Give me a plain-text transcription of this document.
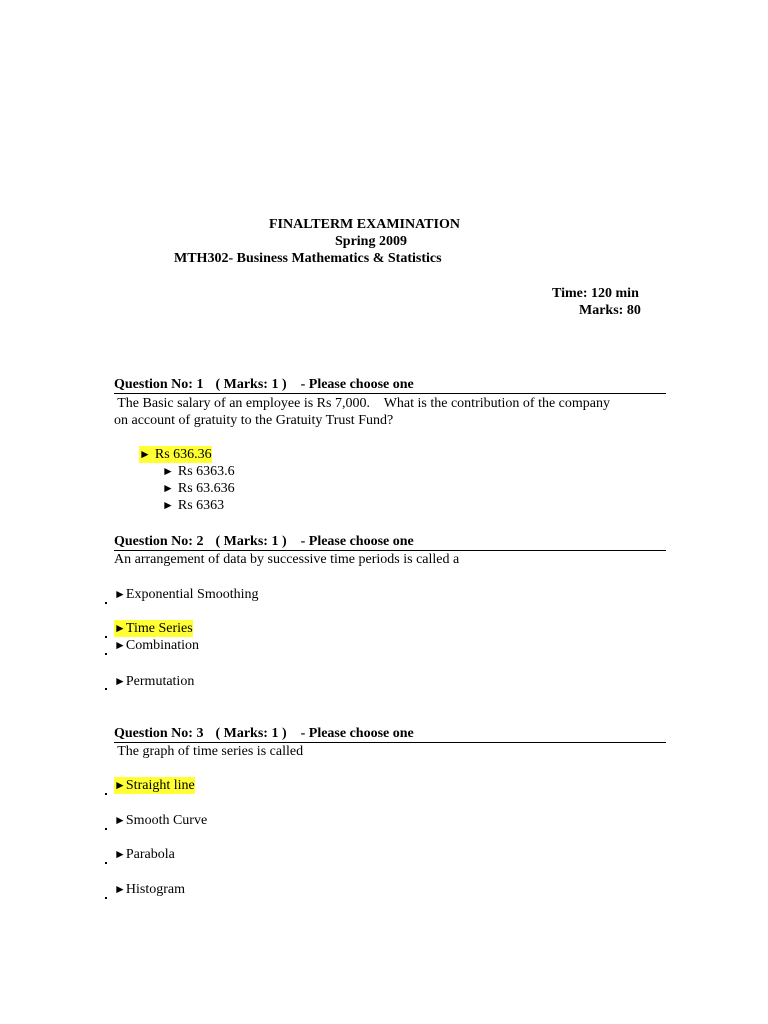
FINALTERM EXAMINATION
Spring 2009
MTH302- Business Mathematics & Statistics
Time: 120 min
Marks: 80
Question No: 1 ( Marks: 1 ) - Please choose one
The Basic salary of an employee is Rs 7,000.    What is the contribution of the company
on account of gratuity to the Gratuity Trust Fund?
► Rs 636.36
► Rs 6363.6
► Rs 63.636
► Rs 6363
Question No: 2 ( Marks: 1 ) - Please choose one
An arrangement of data by successive time periods is called a
►Exponential Smoothing
►Time Series
►Combination
►Permutation
Question No: 3 ( Marks: 1 ) - Please choose one
The graph of time series is called
►Straight line
►Smooth Curve
►Parabola
►Histogram
